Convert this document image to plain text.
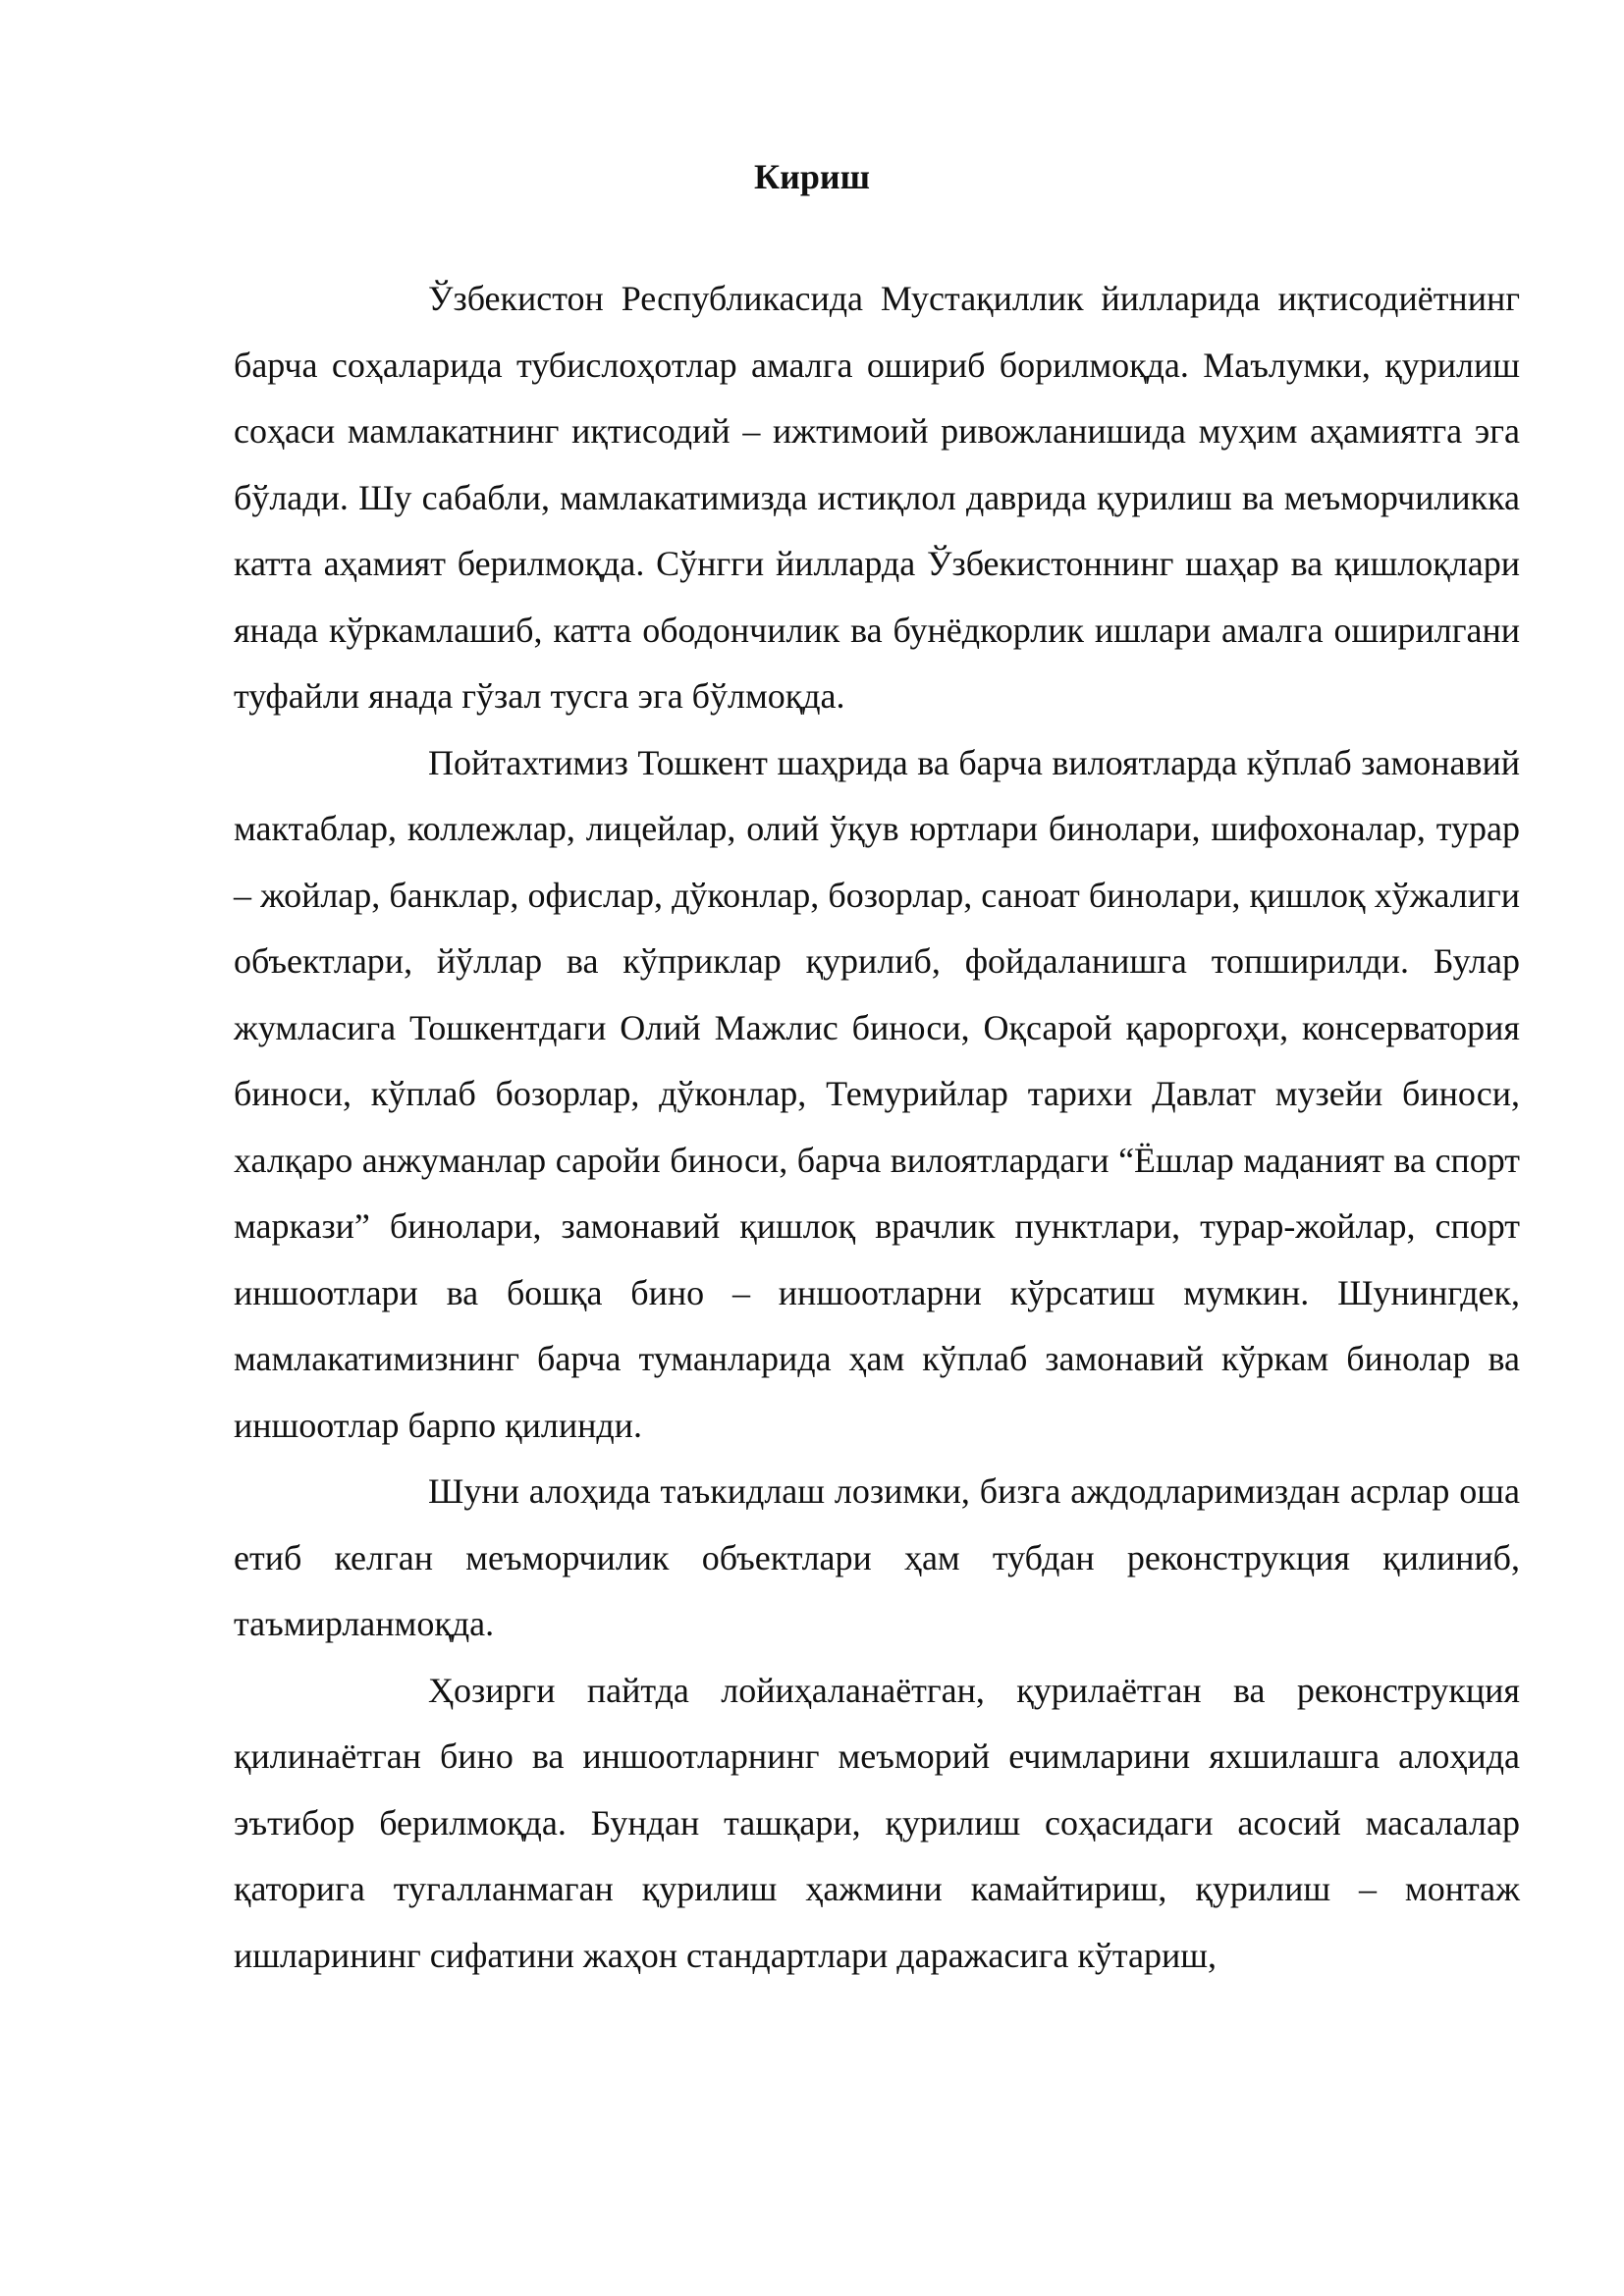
Кириш

Ўзбекистон Республикасида Мустақиллик йилларида иқтисодиётнинг барча соҳаларида тубислоҳотлар амалга ошириб борилмоқда. Маълумки, қурилиш соҳаси мамлакатнинг иқтисодий – ижтимоий ривожланишида муҳим аҳамиятга эга бўлади. Шу сабабли, мамлакатимизда истиқлол даврида қурилиш ва меъморчиликка катта аҳамият берилмоқда. Сўнгги йилларда Ўзбекистоннинг шаҳар ва қишлоқлари янада кўркамлашиб, катта ободончилик ва бунёдкорлик ишлари амалга оширилгани туфайли янада гўзал тусга эга бўлмоқда.

Пойтахтимиз Тошкент шаҳрида ва барча вилоятларда кўплаб замонавий мактаблар, коллежлар, лицейлар, олий ўқув юртлари бинолари, шифохоналар, турар – жойлар, банклар, офислар, дўконлар, бозорлар, саноат бинолари, қишлоқ хўжалиги объектлари, йўллар ва кўприклар қурилиб, фойдаланишга топширилди. Булар жумласига Тошкентдаги Олий Мажлис биноси, Оқсарой қароргоҳи, консерватория биноси, кўплаб бозорлар, дўконлар, Темурийлар тарихи Давлат музейи биноси, халқаро анжуманлар саройи биноси, барча вилоятлардаги “Ёшлар маданият ва спорт маркази” бинолари, замонавий қишлоқ врачлик пунктлари, турар-жойлар, спорт иншоотлари ва бошқа бино – иншоотларни кўрсатиш мумкин. Шунингдек, мамлакатимизнинг барча туманларида ҳам кўплаб замонавий кўркам бинолар ва иншоотлар барпо қилинди.

Шуни алоҳида таъкидлаш лозимки, бизга аждодларимиздан асрлар оша етиб келган меъморчилик объектлари ҳам тубдан реконструкция қилиниб, таъмирланмоқда.

Ҳозирги пайтда лойиҳаланаётган, қурилаётган ва реконструкция қилинаётган бино ва иншоотларнинг меъморий ечимларини яхшилашга алоҳида эътибор берилмоқда. Бундан ташқари, қурилиш соҳасидаги асосий масалалар қаторига тугалланмаган қурилиш ҳажмини камайтириш, қурилиш – монтаж ишларининг сифатини жаҳон стандартлари даражасига кўтариш,
